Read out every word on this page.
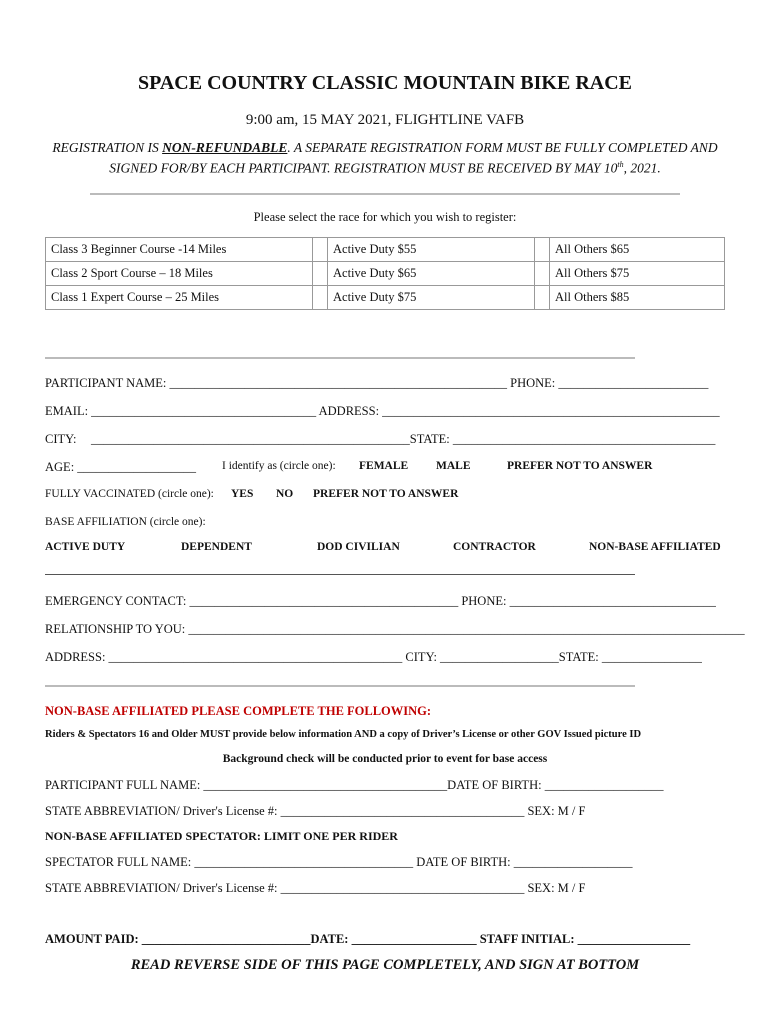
SPACE COUNTRY CLASSIC MOUNTAIN BIKE RACE
9:00 am, 15 MAY 2021, FLIGHTLINE VAFB
REGISTRATION IS NON-REFUNDABLE. A SEPARATE REGISTRATION FORM MUST BE FULLY COMPLETED AND SIGNED FOR/BY EACH PARTICIPANT. REGISTRATION MUST BE RECEIVED BY MAY 10th, 2021.
Please select the race for which you wish to register:
Class 3 Beginner Course -14 Miles		Active Duty $55		All Others $65
Class 2 Sport Course – 18 Miles		Active Duty $65		All Others $75
Class 1 Expert Course – 25 Miles		Active Duty $75		All Others $85
PARTICIPANT NAME: ______________________________________________________ PHONE: ________________________
EMAIL: ____________________________________ ADDRESS: ______________________________________________________
CITY: ___________________________________________________STATE: __________________________________________
AGE: ___________________ I identify as (circle one): FEMALE MALE	PREFER NOT TO ANSWER
FULLY VACCINATED (circle one): YES NO PREFER NOT TO ANSWER
BASE AFFILIATION (circle one):
ACTIVE DUTY	DEPENDENT	DOD CIVILIAN	CONTRACTOR	NON-BASE AFFILIATED
EMERGENCY CONTACT: ___________________________________________ PHONE: _________________________________
RELATIONSHIP TO YOU: _________________________________________________________________________________________
ADDRESS: _______________________________________________ CITY: ___________________STATE: ________________
NON-BASE AFFILIATED PLEASE COMPLETE THE FOLLOWING:
Riders & Spectators 16 and Older MUST provide below information AND a copy of Driver’s License or other GOV Issued picture ID
Background check will be conducted prior to event for base access
PARTICIPANT FULL NAME: _______________________________________DATE OF BIRTH: ___________________
STATE ABBREVIATION/ Driver's License #: _______________________________________ SEX: M / F
NON-BASE AFFILIATED SPECTATOR: LIMIT ONE PER RIDER
SPECTATOR FULL NAME: ___________________________________ DATE OF BIRTH: ___________________
STATE ABBREVIATION/ Driver's License #: _______________________________________ SEX: M / F
AMOUNT PAID: ___________________________DATE: ____________________ STAFF INITIAL: __________________
READ REVERSE SIDE OF THIS PAGE COMPLETELY, AND SIGN AT BOTTOM
